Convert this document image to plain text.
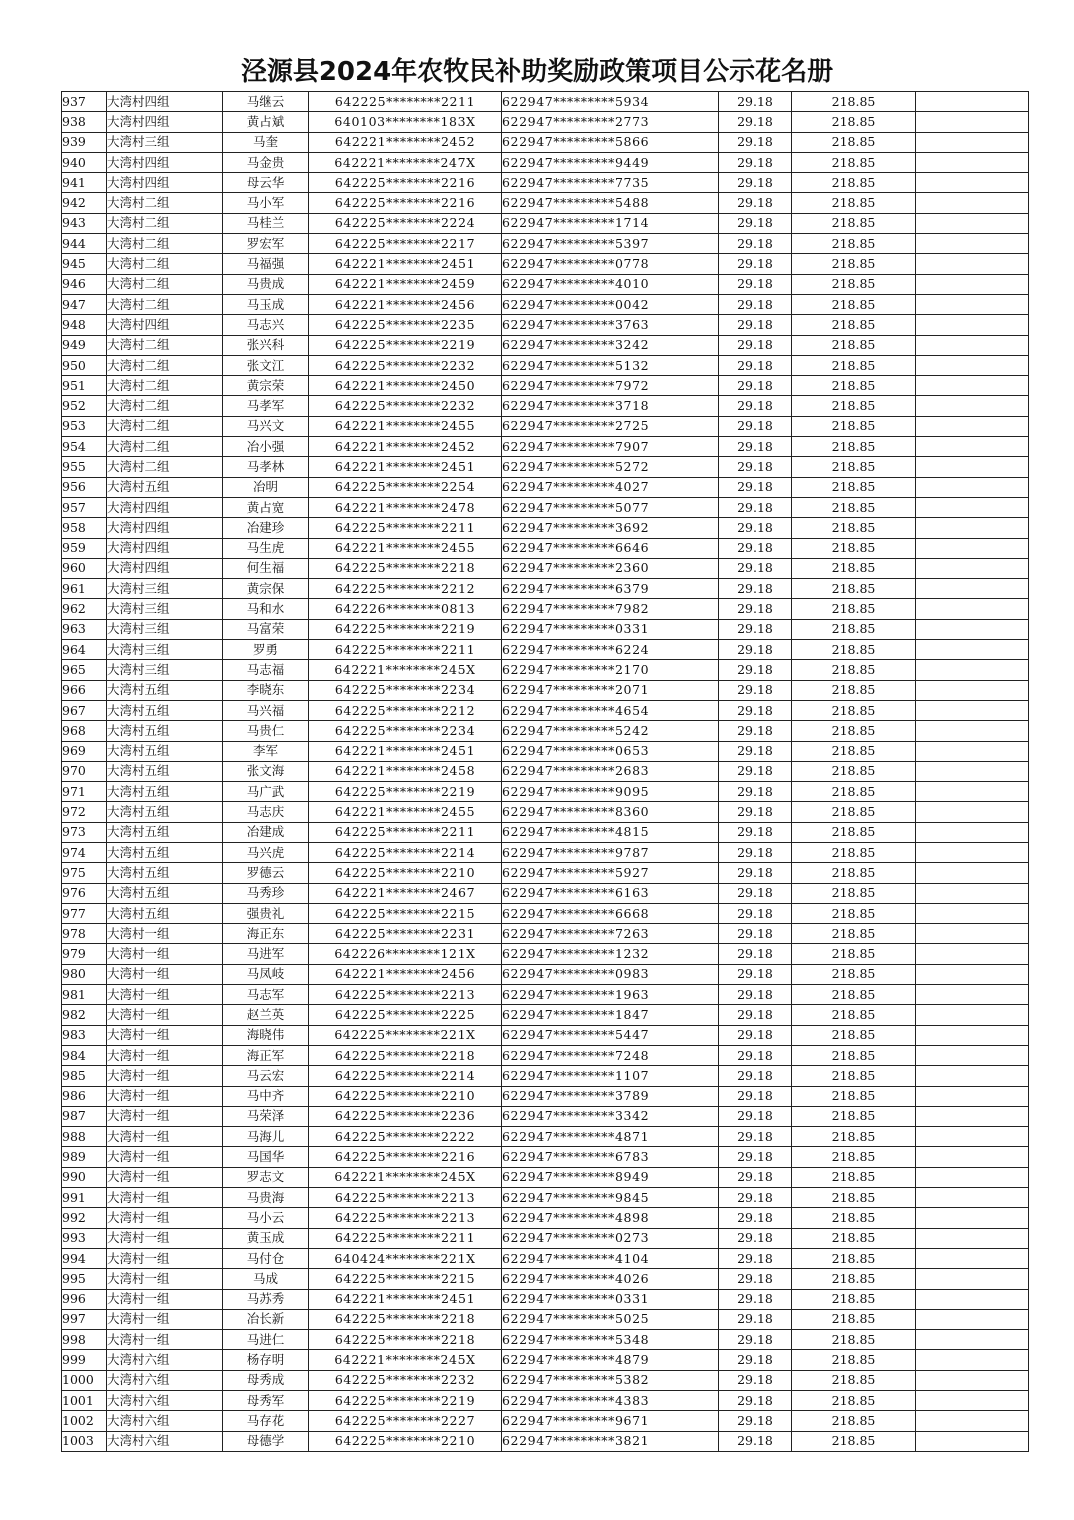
泾源县2024年农牧民补助奖励政策项目公示花名册
937	大湾村四组	马继云	642225********2211	622947*********5934	29.18	218.85	
938	大湾村四组	黄占斌	640103********183X	622947*********2773	29.18	218.85	
939	大湾村三组	马奎	642221********2452	622947*********5866	29.18	218.85	
940	大湾村四组	马金贵	642221********247X	622947*********9449	29.18	218.85	
941	大湾村四组	母云华	642225********2216	622947*********7735	29.18	218.85	
942	大湾村二组	马小军	642225********2216	622947*********5488	29.18	218.85	
943	大湾村二组	马桂兰	642225********2224	622947*********1714	29.18	218.85	
944	大湾村二组	罗宏军	642225********2217	622947*********5397	29.18	218.85	
945	大湾村二组	马福强	642221********2451	622947*********0778	29.18	218.85	
946	大湾村二组	马贵成	642221********2459	622947*********4010	29.18	218.85	
947	大湾村二组	马玉成	642221********2456	622947*********0042	29.18	218.85	
948	大湾村四组	马志兴	642225********2235	622947*********3763	29.18	218.85	
949	大湾村二组	张兴科	642225********2219	622947*********3242	29.18	218.85	
950	大湾村二组	张文江	642225********2232	622947*********5132	29.18	218.85	
951	大湾村二组	黄宗荣	642221********2450	622947*********7972	29.18	218.85	
952	大湾村二组	马孝军	642225********2232	622947*********3718	29.18	218.85	
953	大湾村二组	马兴文	642221********2455	622947*********2725	29.18	218.85	
954	大湾村二组	冶小强	642221********2452	622947*********7907	29.18	218.85	
955	大湾村二组	马孝林	642221********2451	622947*********5272	29.18	218.85	
956	大湾村五组	冶明	642225********2254	622947*********4027	29.18	218.85	
957	大湾村四组	黄占宽	642221********2478	622947*********5077	29.18	218.85	
958	大湾村四组	冶建珍	642225********2211	622947*********3692	29.18	218.85	
959	大湾村四组	马生虎	642221********2455	622947*********6646	29.18	218.85	
960	大湾村四组	何生福	642225********2218	622947*********2360	29.18	218.85	
961	大湾村三组	黄宗保	642225********2212	622947*********6379	29.18	218.85	
962	大湾村三组	马和水	642226********0813	622947*********7982	29.18	218.85	
963	大湾村三组	马富荣	642225********2219	622947*********0331	29.18	218.85	
964	大湾村三组	罗勇	642225********2211	622947*********6224	29.18	218.85	
965	大湾村三组	马志福	642221********245X	622947*********2170	29.18	218.85	
966	大湾村五组	李晓东	642225********2234	622947*********2071	29.18	218.85	
967	大湾村五组	马兴福	642225********2212	622947*********4654	29.18	218.85	
968	大湾村五组	马贵仁	642225********2234	622947*********5242	29.18	218.85	
969	大湾村五组	李军	642221********2451	622947*********0653	29.18	218.85	
970	大湾村五组	张文海	642221********2458	622947*********2683	29.18	218.85	
971	大湾村五组	马广武	642225********2219	622947*********9095	29.18	218.85	
972	大湾村五组	马志庆	642221********2455	622947*********8360	29.18	218.85	
973	大湾村五组	冶建成	642225********2211	622947*********4815	29.18	218.85	
974	大湾村五组	马兴虎	642225********2214	622947*********9787	29.18	218.85	
975	大湾村五组	罗德云	642225********2210	622947*********5927	29.18	218.85	
976	大湾村五组	马秀珍	642221********2467	622947*********6163	29.18	218.85	
977	大湾村五组	强贵礼	642225********2215	622947*********6668	29.18	218.85	
978	大湾村一组	海正东	642225********2231	622947*********7263	29.18	218.85	
979	大湾村一组	马进军	642226********121X	622947*********1232	29.18	218.85	
980	大湾村一组	马凤岐	642221********2456	622947*********0983	29.18	218.85	
981	大湾村一组	马志军	642225********2213	622947*********1963	29.18	218.85	
982	大湾村一组	赵兰英	642225********2225	622947*********1847	29.18	218.85	
983	大湾村一组	海晓伟	642225********221X	622947*********5447	29.18	218.85	
984	大湾村一组	海正军	642225********2218	622947*********7248	29.18	218.85	
985	大湾村一组	马云宏	642225********2214	622947*********1107	29.18	218.85	
986	大湾村一组	马中齐	642225********2210	622947*********3789	29.18	218.85	
987	大湾村一组	马荣泽	642225********2236	622947*********3342	29.18	218.85	
988	大湾村一组	马海儿	642225********2222	622947*********4871	29.18	218.85	
989	大湾村一组	马国华	642225********2216	622947*********6783	29.18	218.85	
990	大湾村一组	罗志文	642221********245X	622947*********8949	29.18	218.85	
991	大湾村一组	马贵海	642225********2213	622947*********9845	29.18	218.85	
992	大湾村一组	马小云	642225********2213	622947*********4898	29.18	218.85	
993	大湾村一组	黄玉成	642225********2211	622947*********0273	29.18	218.85	
994	大湾村一组	马付仓	640424********221X	622947*********4104	29.18	218.85	
995	大湾村一组	马成	642225********2215	622947*********4026	29.18	218.85	
996	大湾村一组	马苏秀	642221********2451	622947*********0331	29.18	218.85	
997	大湾村一组	冶长新	642225********2218	622947*********5025	29.18	218.85	
998	大湾村一组	马进仁	642225********2218	622947*********5348	29.18	218.85	
999	大湾村六组	杨存明	642221********245X	622947*********4879	29.18	218.85	
1000	大湾村六组	母秀成	642225********2232	622947*********5382	29.18	218.85	
1001	大湾村六组	母秀军	642225********2219	622947*********4383	29.18	218.85	
1002	大湾村六组	马存花	642225********2227	622947*********9671	29.18	218.85	
1003	大湾村六组	母德学	642225********2210	622947*********3821	29.18	218.85	
